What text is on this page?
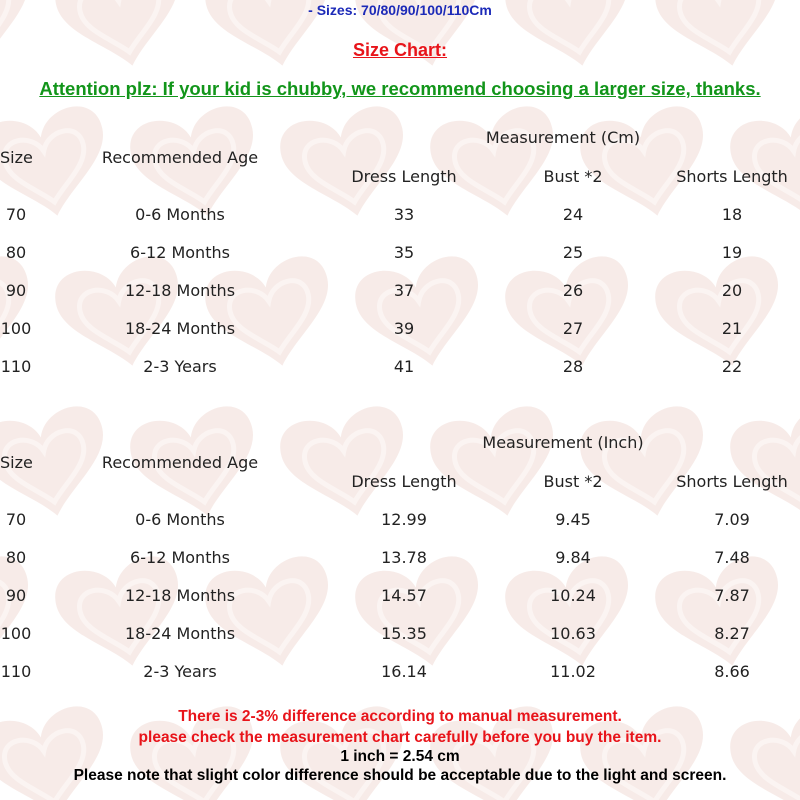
- Sizes: 70/80/90/100/110Cm
Size Chart:
Attention plz: If your kid is chubby, we recommend choosing a larger size, thanks.
Measurement (Cm)
Size	Recommended Age
Dress Length	Bust *2	Shorts Length
70	0-6 Months	33	24	18
80	6-12 Months	35	25	19
90	12-18 Months	37	26	20
100	18-24 Months	39	27	21
110	2-3 Years	41	28	22
Measurement (Inch)
Size	Recommended Age
Dress Length	Bust *2	Shorts Length
70	0-6 Months	12.99	9.45	7.09
80	6-12 Months	13.78	9.84	7.48
90	12-18 Months	14.57	10.24	7.87
100	18-24 Months	15.35	10.63	8.27
110	2-3 Years	16.14	11.02	8.66
There is 2-3% difference according to manual measurement.
please check the measurement chart carefully before you buy the item.
1 inch = 2.54 cm
Please note that slight color difference should be acceptable due to the light and screen.
